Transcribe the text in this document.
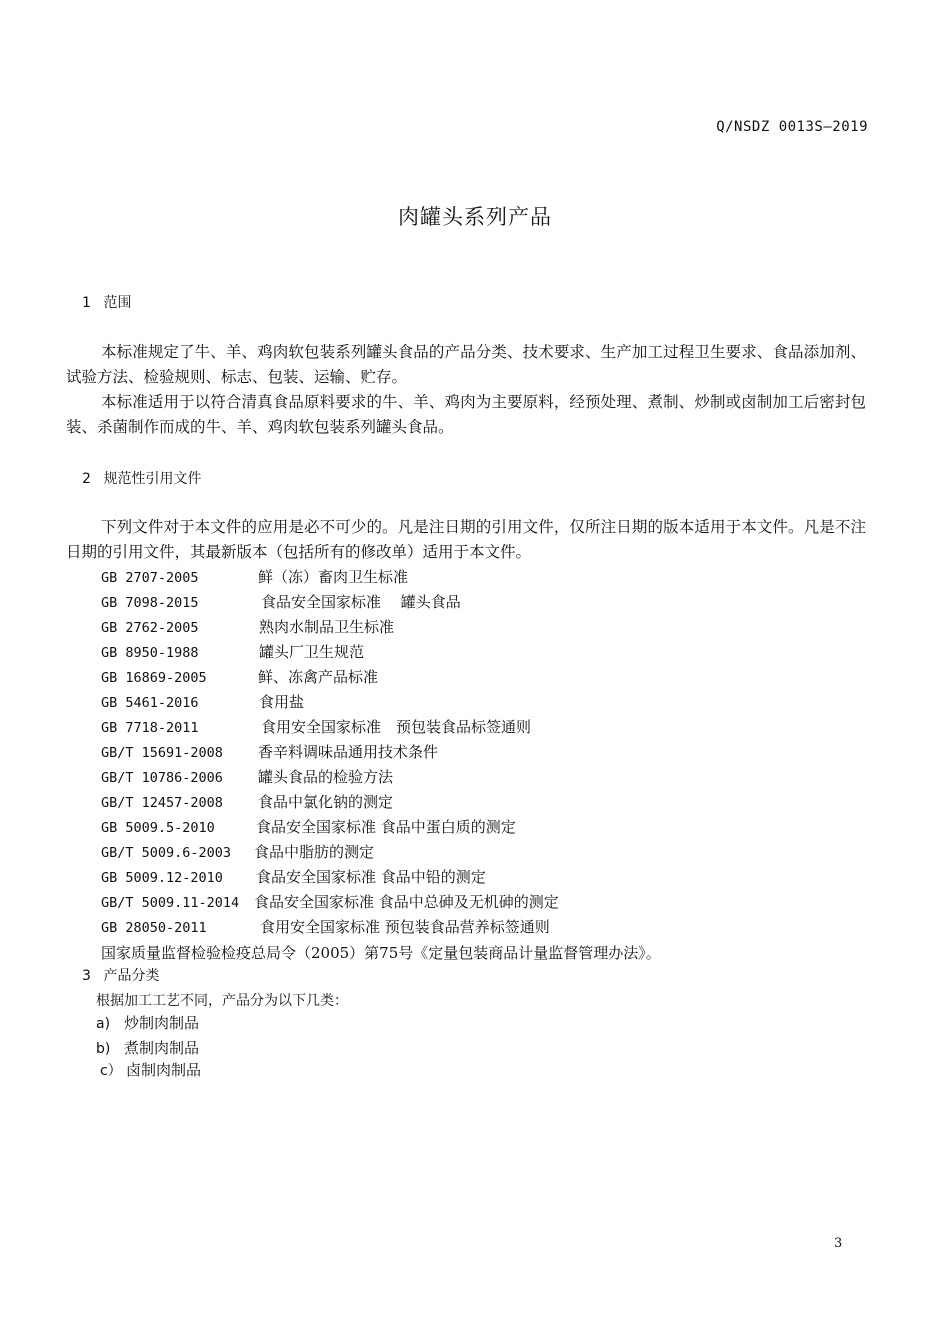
Q/NSDZ 0013S—2019
肉罐头系列产品
1 范围
本标准规定了牛、羊、鸡肉软包装系列罐头食品的产品分类、技术要求、生产加工过程卫生要求、食品添加剂、试验方法、检验规则、标志、包装、运输、贮存。
本标准适用于以符合清真食品原料要求的牛、羊、鸡肉为主要原料，经预处理、煮制、炒制或卤制加工后密封包装、杀菌制作而成的牛、羊、鸡肉软包装系列罐头食品。
2 规范性引用文件
下列文件对于本文件的应用是必不可少的。凡是注日期的引用文件，仅所注日期的版本适用于本文件。凡是不注日期的引用文件，其最新版本（包括所有的修改单）适用于本文件。
GB 2707-2005	鲜（冻）畜肉卫生标准
GB 7098-2015	食品安全国家标准　 罐头食品
GB 2762-2005	熟肉水制品卫生标准
GB 8950-1988	罐头厂卫生规范
GB 16869-2005	鲜、冻禽产品标准
GB 5461-2016	食用盐
GB 7718-2011	食用安全国家标准　预包装食品标签通则
GB/T 15691-2008 香辛料调味品通用技术条件
GB/T 10786-2006 罐头食品的检验方法
GB/T 12457-2008 食品中氯化钠的测定
GB 5009.5-2010	食品安全国家标准 食品中蛋白质的测定
GB/T 5009.6-2003 食品中脂肪的测定
GB 5009.12-2010 食品安全国家标准 食品中铅的测定
GB/T 5009.11-2014 食品安全国家标准 食品中总砷及无机砷的测定
GB 28050-2011	食用安全国家标准 预包装食品营养标签通则
国家质量监督检验检疫总局令（2005）第75号《定量包装商品计量监督管理办法》。
3 产品分类
根据加工工艺不同，产品分为以下几类：
a) 炒制肉制品
b) 煮制肉制品
c） 卤制肉制品
3
